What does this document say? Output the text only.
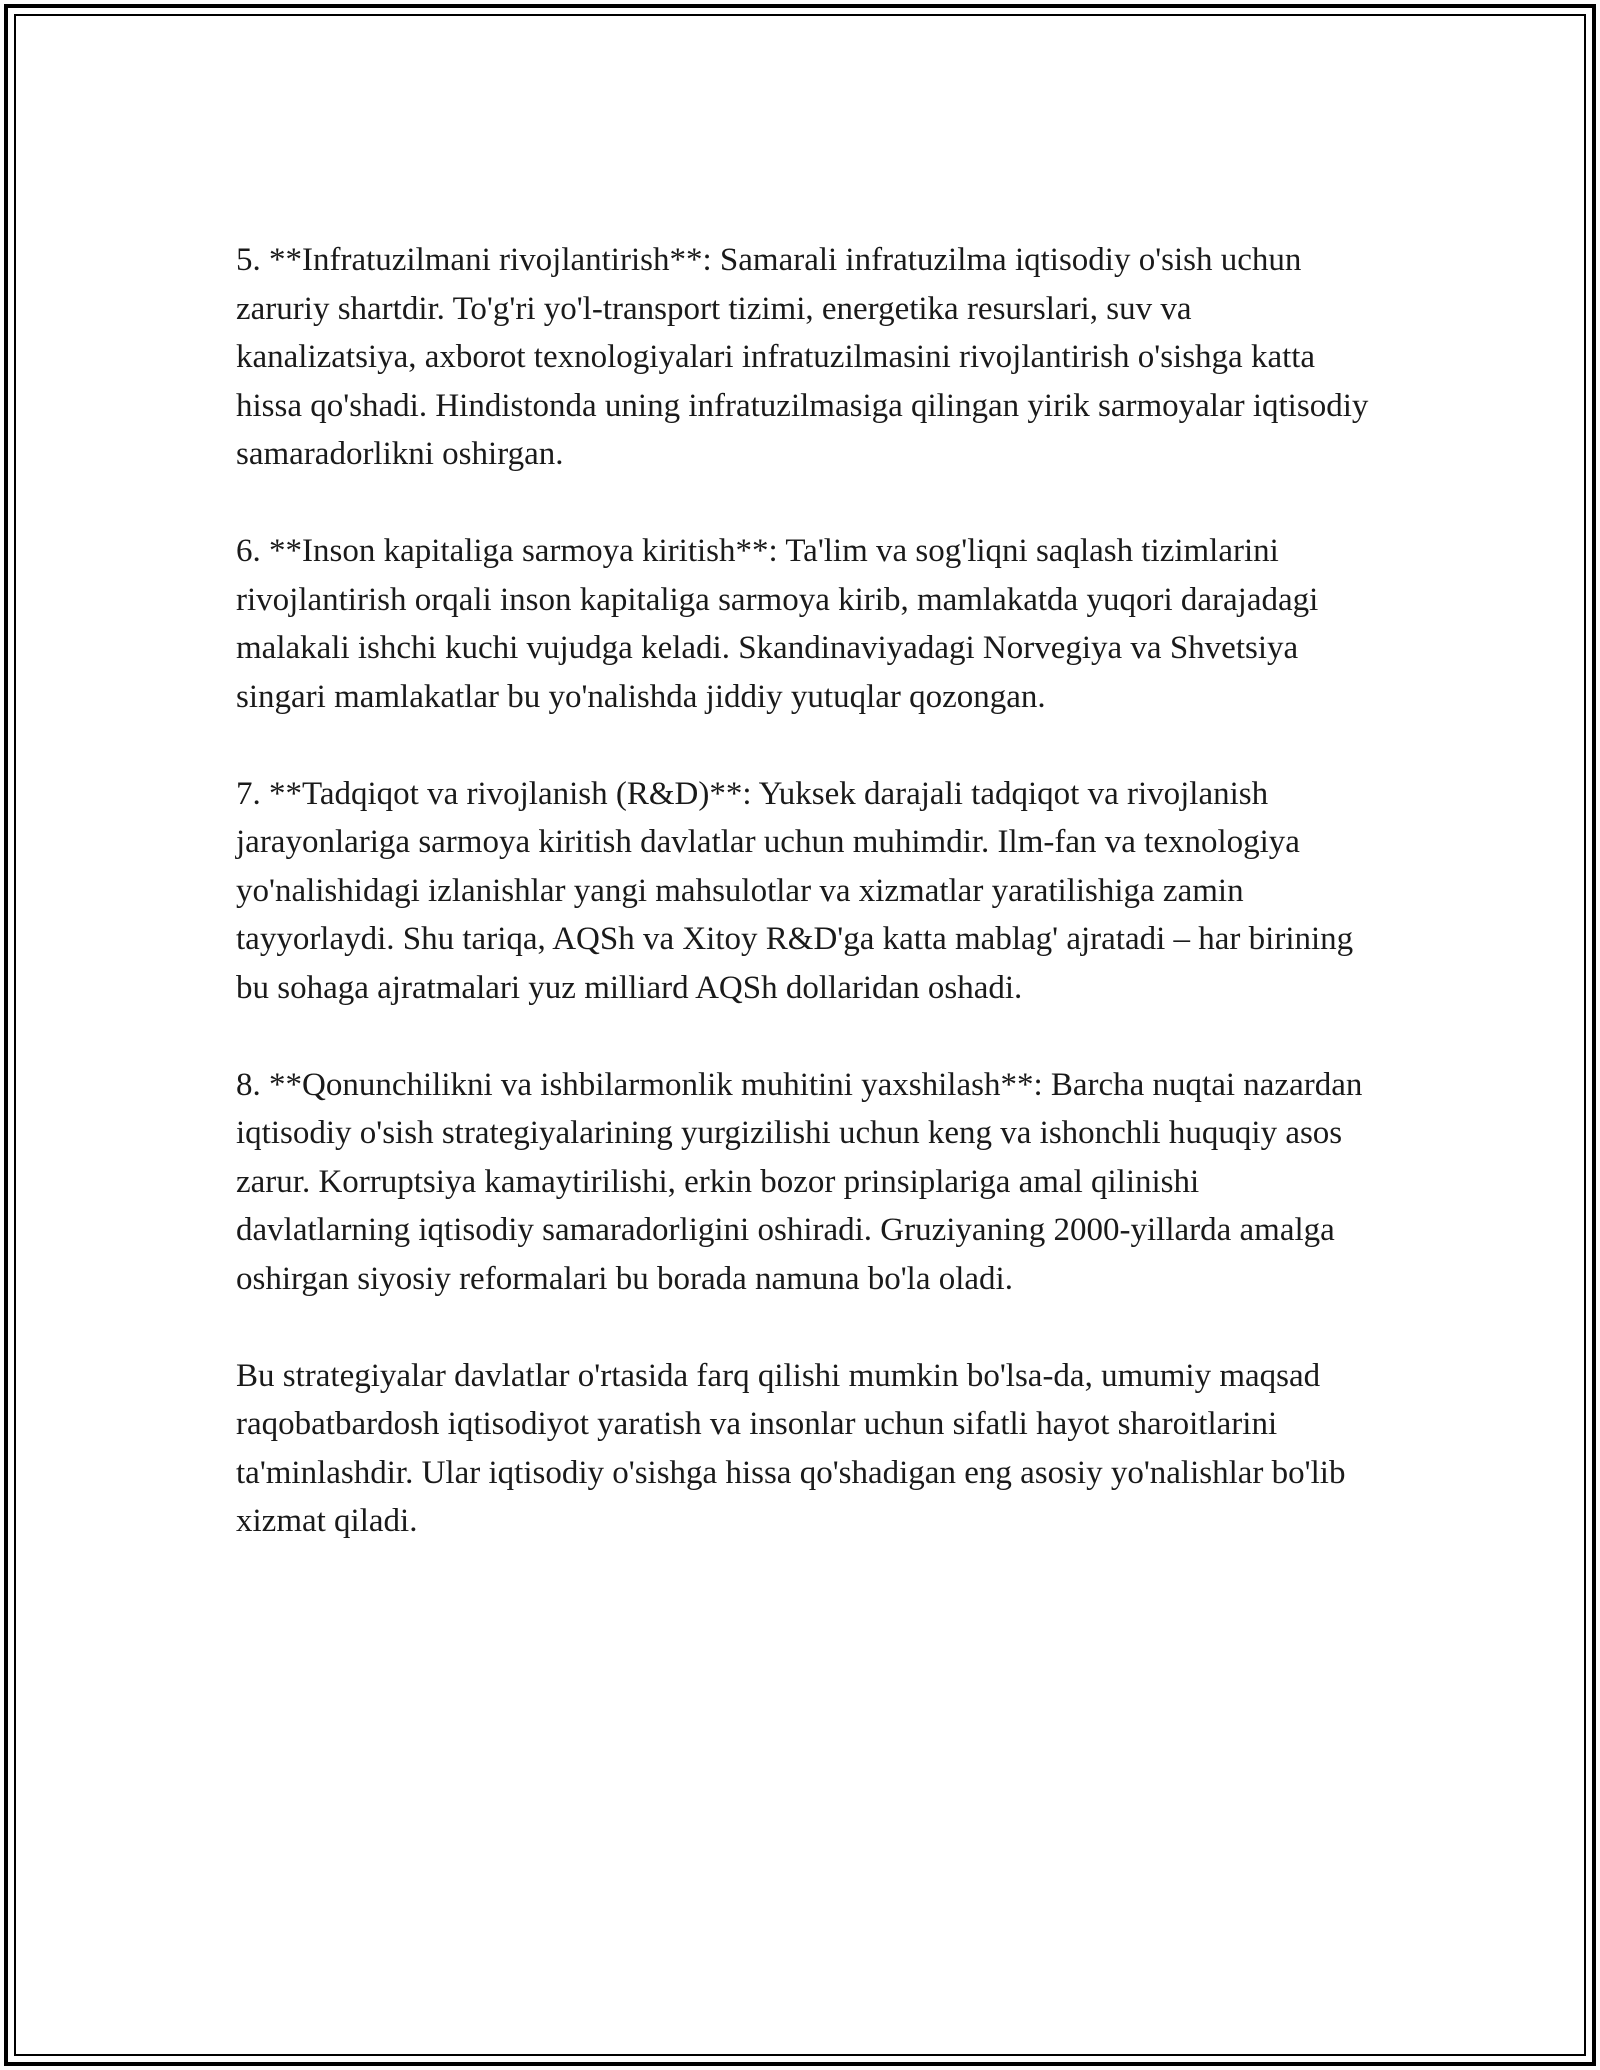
5. **Infratuzilmani rivojlantirish**: Samarali infratuzilma iqtisodiy o'sish uchun zaruriy shartdir. To'g'ri yo'l-transport tizimi, energetika resurslari, suv va kanalizatsiya, axborot texnologiyalari infratuzilmasini rivojlantirish o'sishga katta hissa qo'shadi. Hindistonda uning infratuzilmasiga qilingan yirik sarmoyalar iqtisodiy samaradorlikni oshirgan.

6. **Inson kapitaliga sarmoya kiritish**: Ta'lim va sog'liqni saqlash tizimlarini rivojlantirish orqali inson kapitaliga sarmoya kirib, mamlakatda yuqori darajadagi malakali ishchi kuchi vujudga keladi. Skandinaviyadagi Norvegiya va Shvetsiya singari mamlakatlar bu yo'nalishda jiddiy yutuqlar qozongan.

7. **Tadqiqot va rivojlanish (R&D)**: Yuksek darajali tadqiqot va rivojlanish jarayonlariga sarmoya kiritish davlatlar uchun muhimdir. Ilm-fan va texnologiya yo'nalishidagi izlanishlar yangi mahsulotlar va xizmatlar yaratilishiga zamin tayyorlaydi. Shu tariqa, AQSh va Xitoy R&D'ga katta mablag' ajratadi – har birining bu sohaga ajratmalari yuz milliard AQSh dollaridan oshadi.

8. **Qonunchilikni va ishbilarmonlik muhitini yaxshilash**: Barcha nuqtai nazardan iqtisodiy o'sish strategiyalarining yurgizilishi uchun keng va ishonchli huquqiy asos zarur. Korruptsiya kamaytirilishi, erkin bozor prinsiplariga amal qilinishi davlatlarning iqtisodiy samaradorligini oshiradi. Gruziyaning 2000-yillarda amalga oshirgan siyosiy reformalari bu borada namuna bo'la oladi.

Bu strategiyalar davlatlar o'rtasida farq qilishi mumkin bo'lsa-da, umumiy maqsad raqobatbardosh iqtisodiyot yaratish va insonlar uchun sifatli hayot sharoitlarini ta'minlashdir. Ular iqtisodiy o'sishga hissa qo'shadigan eng asosiy yo'nalishlar bo'lib xizmat qiladi.
